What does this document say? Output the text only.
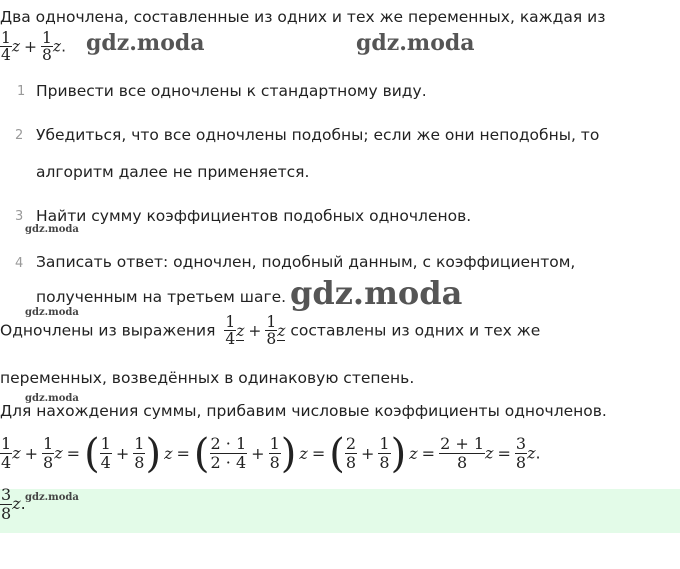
Два одночлена, составленные из одних и тех же переменных, каждая из
$\frac{1}{4}$ $z + \frac{1}{8} z$. gdz.moda	gdz.moda
1 Привести все одночлены к стандартному виду.
2 Убедиться, что все одночлены подобны; если же они неподобны, то
алгоритм далее не применяется.
3 Найти сумму коэффициентов подобных одночленов.
gdz.moda
4 Записать ответ: одночлен, подобный данным, с коэффициентом,
полученным на третьем шаге. gdz.moda
gdz.moda
Одночлены из выражения $\frac{1}{4}$ $z + \frac{1}{8}$ z составлены из одних и тех же
переменных, возведённых в одинаковую степень.
gdz.moda
Для нахождения суммы, прибавим числовые коэффициенты одночленов.
$\frac{1}{4}$ $z + \frac{1}{8}$ z = ( $\frac{1}{4} + \frac{1}{8}$ ) z = ( $\frac{2 \cdot 1}{2 \cdot 4} + \frac{1}{8}$ ) z = ( $\frac{2}{8} + \frac{1}{8}$ ) $z = \frac{2 + 1}{8}$ $z = \frac{3}{8} z$.
$\frac{3}{8} z$. gdz.moda
